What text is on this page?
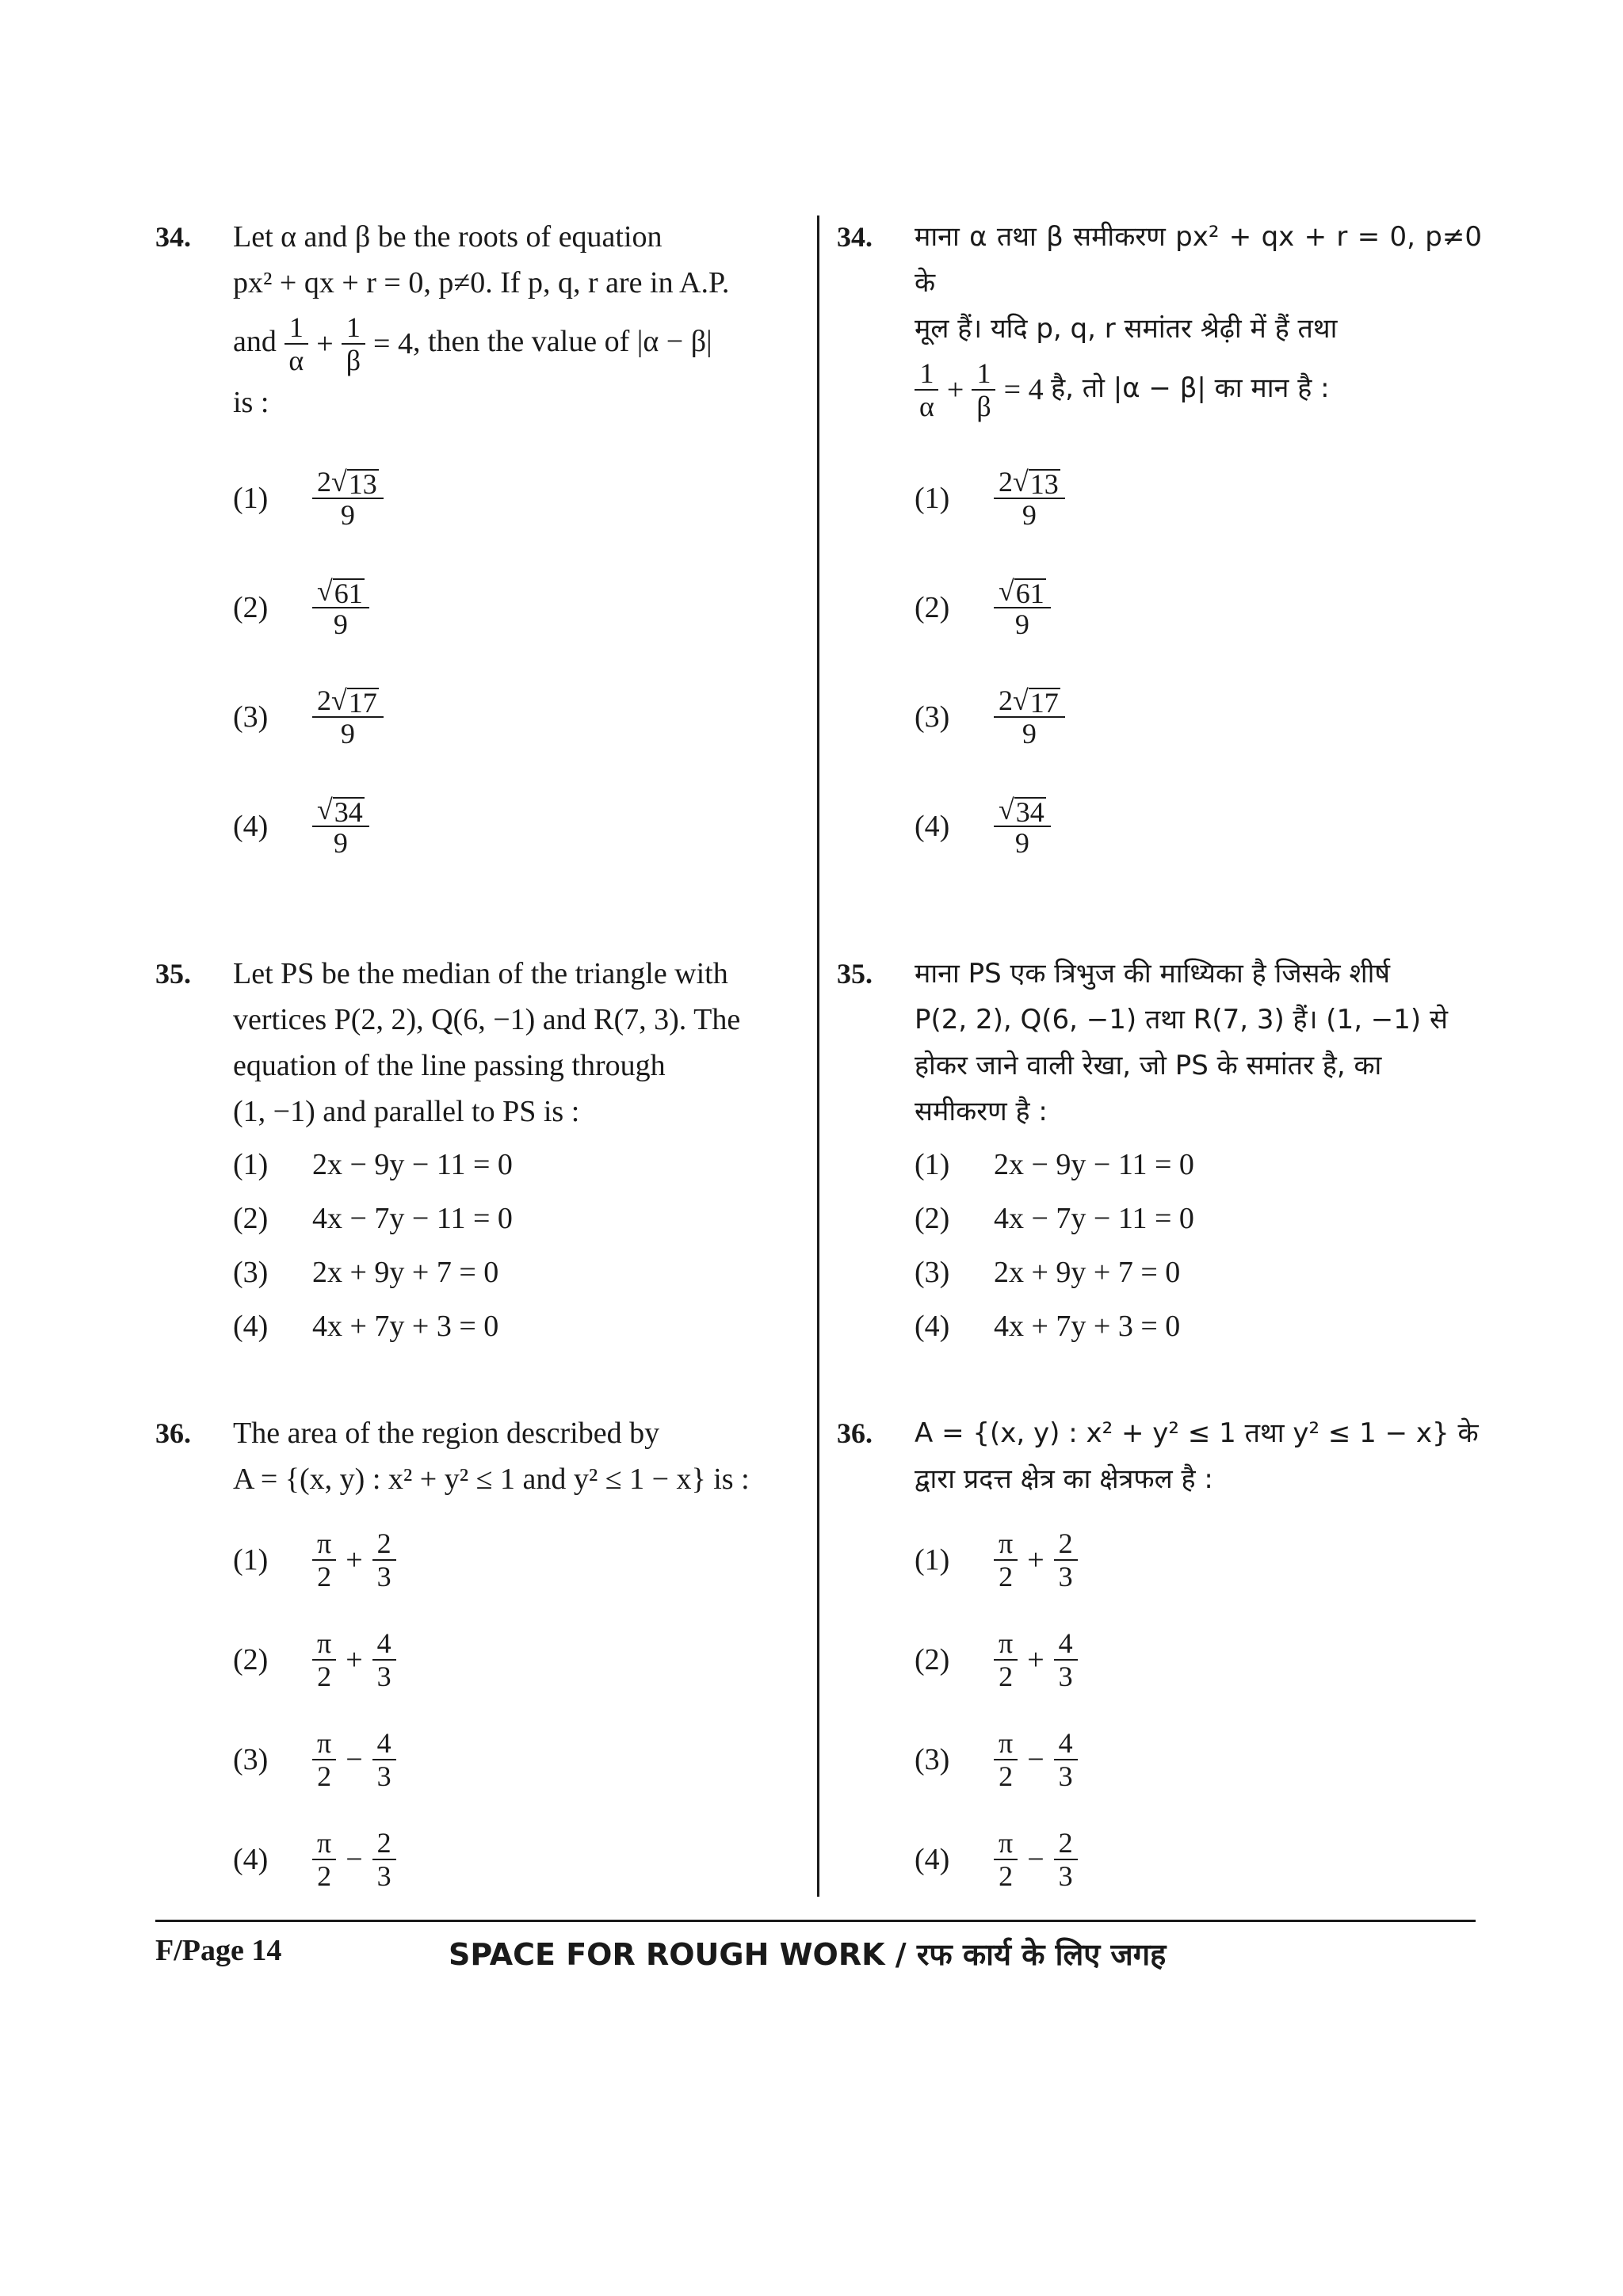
34. Let α and β be the roots of equation

px² + qx + r = 0, p≠0. If p, q, r are in A.P.

and $\frac{1}{\alpha} + \frac{1}{\beta} = 4$ , then the value of |α − β|

is :

(1)	$\frac{2 √ 13}{9}$
(2)	$\frac{√ 61}{9}$
(3)	$\frac{2 √ 17}{9}$
(4)	$\frac{√ 34}{9}$
35. Let PS be the median of the triangle with

vertices P(2, 2), Q(6, −1) and R(7, 3). The

equation of the line passing through

(1, −1) and parallel to PS is :

(1)	2x − 9y − 11 = 0
(2)	4x − 7y − 11 = 0
(3)	2x + 9y + 7 = 0
(4)	4x + 7y + 3 = 0
36. The area of the region described by

A = {(x, y) : x² + y² ≤ 1 and y² ≤ 1 − x} is :

(1)	$\frac{\pi}{2} + \frac{2}{3}$
(2)	$\frac{\pi}{2} + \frac{4}{3}$
(3)	$\frac{\pi}{2} - \frac{4}{3}$
(4)	$\frac{\pi}{2} - \frac{2}{3}$
34. माना α तथा β समीकरण px² + qx + r = 0, p≠0 के

मूल हैं। यदि p, q, r समांतर श्रेढ़ी में हैं तथा

$\frac{1}{\alpha} + \frac{1}{\beta} = 4$ है, तो |α − β| का मान है :

(1)	$\frac{2 √ 13}{9}$
(2)	$\frac{√ 61}{9}$
(3)	$\frac{2 √ 17}{9}$
(4)	$\frac{√ 34}{9}$
35. माना PS एक त्रिभुज की माध्यिका है जिसके शीर्ष

P(2, 2), Q(6, −1) तथा R(7, 3) हैं। (1, −1) से

होकर जाने वाली रेखा, जो PS के समांतर है, का

समीकरण है :

(1)	2x − 9y − 11 = 0
(2)	4x − 7y − 11 = 0
(3)	2x + 9y + 7 = 0
(4)	4x + 7y + 3 = 0
36. A = {(x, y) : x² + y² ≤ 1 तथा y² ≤ 1 − x} के

द्वारा प्रदत्त क्षेत्र का क्षेत्रफल है :

(1)	$\frac{\pi}{2} + \frac{2}{3}$
(2)	$\frac{\pi}{2} + \frac{4}{3}$
(3)	$\frac{\pi}{2} - \frac{4}{3}$
(4)	$\frac{\pi}{2} - \frac{2}{3}$
F/Page 14	SPACE FOR ROUGH WORK / रफ कार्य के लिए जगह
